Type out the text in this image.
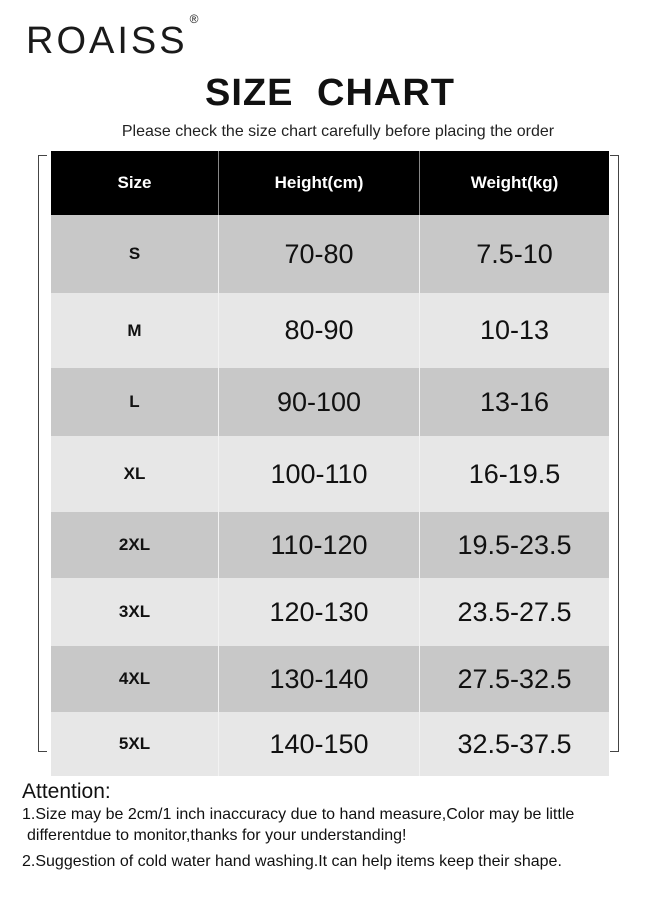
ROAISS®
SIZE CHART
Please check the size chart carefully before placing the order
Size	Height(cm)	Weight(kg)
S	70-80	7.5-10
M	80-90	10-13
L	90-100	13-16
XL	100-110	16-19.5
2XL	110-120	19.5-23.5
3XL	120-130	23.5-27.5
4XL	130-140	27.5-32.5
5XL	140-150	32.5-37.5
Attention:

1.Size may be 2cm/1 inch inaccuracy due to hand measure,Color may be little

differentdue to monitor,thanks for your understanding!

2.Suggestion of cold water hand washing.It can help items keep their shape.
